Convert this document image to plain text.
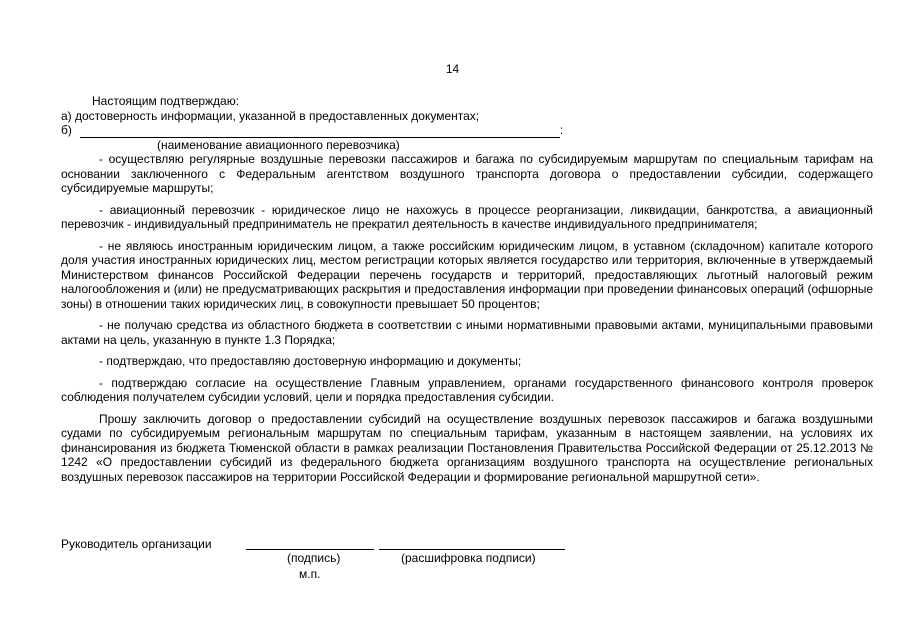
14
Настоящим подтверждаю:
а) достоверность информации, указанной в предоставленных документах;
б)	:
(наименование авиационного перевозчика)

- осуществляю регулярные воздушные перевозки пассажиров и багажа по субсидируемым маршрутам по специальным тарифам на основании заключенного с Федеральным агентством воздушного транспорта договора о предоставлении субсидии, содержащего субсидируемые маршруты;

- авиационный перевозчик - юридическое лицо не нахожусь в процессе реорганизации, ликвидации, банкротства, а авиационный перевозчик - индивидуальный предприниматель не прекратил деятельность в качестве индивидуального предпринимателя;

- не являюсь иностранным юридическим лицом, а также российским юридическим лицом, в уставном (складочном) капитале которого доля участия иностранных юридических лиц, местом регистрации которых является государство или территория, включенные в утверждаемый Министерством финансов Российской Федерации перечень государств и территорий, предоставляющих льготный налоговый режим налогообложения и (или) не предусматривающих раскрытия и предоставления информации при проведении финансовых операций (офшорные зоны) в отношении таких юридических лиц, в совокупности превышает 50 процентов;

- не получаю средства из областного бюджета в соответствии с иными нормативными правовыми актами, муниципальными правовыми актами на цель, указанную в пункте 1.3 Порядка;

- подтверждаю, что предоставляю достоверную информацию и документы;

- подтверждаю согласие на осуществление Главным управлением, органами государственного финансового контроля проверок соблюдения получателем субсидии условий, цели и порядка предоставления субсидии.

Прошу заключить договор о предоставлении субсидий на осуществление воздушных перевозок пассажиров и багажа воздушными судами по субсидируемым региональным маршрутам по специальным тарифам, указанным в настоящем заявлении, на условиях их финансирования из бюджета Тюменской области в рамках реализации Постановления Правительства Российской Федерации от 25.12.2013 № 1242 «О предоставлении субсидий из федерального бюджета организациям воздушного транспорта на осуществление региональных воздушных перевозок пассажиров на территории Российской Федерации и формирование региональной маршрутной сети».

Руководитель организации
(подпись)	(расшифровка подписи)
м.п.
